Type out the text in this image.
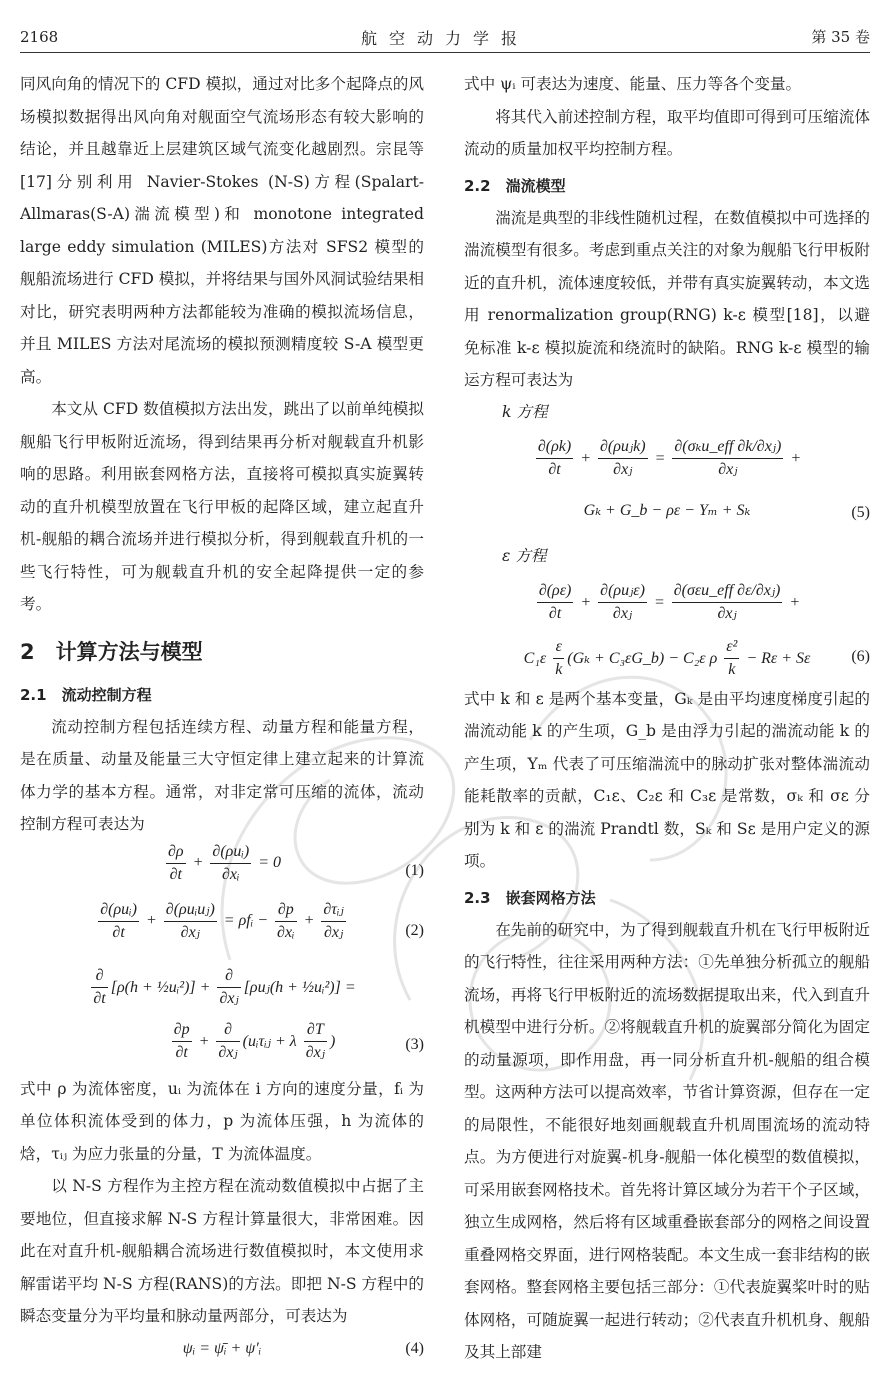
2168	航空动力学报	第 35 卷

同风向角的情况下的 CFD 模拟，通过对比多个起降点的风场模拟数据得出风向角对舰面空气流场形态有较大影响的结论，并且越靠近上层建筑区域气流变化越剧烈。宗昆等[17]分别利用 Navier-Stokes (N-S)方程(Spalart-Allmaras(S-A)湍流模型)和 monotone integrated large eddy simulation (MILES)方法对 SFS2 模型的舰船流场进行 CFD 模拟，并将结果与国外风洞试验结果相对比，研究表明两种方法都能较为准确的模拟流场信息，并且 MILES 方法对尾流场的模拟预测精度较 S-A 模型更高。

本文从 CFD 数值模拟方法出发，跳出了以前单纯模拟舰船飞行甲板附近流场，得到结果再分析对舰载直升机影响的思路。利用嵌套网格方法，直接将可模拟真实旋翼转动的直升机模型放置在飞行甲板的起降区域，建立起直升机-舰船的耦合流场并进行模拟分析，得到舰载直升机的一些飞行特性，可为舰载直升机的安全起降提供一定的参考。

2　计算方法与模型
2.1　流动控制方程

流动控制方程包括连续方程、动量方程和能量方程，是在质量、动量及能量三大守恒定律上建立起来的计算流体力学的基本方程。通常，对非定常可压缩的流体，流动控制方程可表达为

$\frac{\partial\rho}{\partial t} + \frac{\text{∂(ρuᵢ)}}{\text{∂xᵢ}} = 0$	(1)
$\frac{\text{∂(ρuᵢ)}}{\partial t} + \frac{\text{∂(ρuᵢuⱼ)}}{\text{∂xⱼ}}$ = ρfᵢ − $\frac{\partial p}{\text{∂xᵢ}} + \frac{\text{∂τᵢⱼ}}{\text{∂xⱼ}}$	(2)
$\frac{\partial}{\partial t} [\rho(h$ + ½uᵢ²)] + $\frac{\partial}{\text{∂xⱼ}}$ [ρuⱼ(h + ½uᵢ²)] =
$\frac{\partial p}{\partial t} + \frac{\partial}{\text{∂xⱼ}}$ (uᵢτᵢⱼ + λ $\frac{\partial T}{\text{∂xⱼ}}$ )	(3)

式中 ρ 为流体密度，uᵢ 为流体在 i 方向的速度分量，fᵢ 为单位体积流体受到的体力，p 为流体压强，h 为流体的焓，τᵢⱼ 为应力张量的分量，T 为流体温度。

以 N-S 方程作为主控方程在流动数值模拟中占据了主要地位，但直接求解 N-S 方程计算量很大，非常困难。因此在对直升机-舰船耦合流场进行数值模拟时，本文使用求解雷诺平均 N-S 方程(RANS)的方法。即把 N-S 方程中的瞬态变量分为平均量和脉动量两部分，可表达为

ψᵢ = ψ̄ᵢ + ψ′ᵢ	(4)

式中 ψᵢ 可表达为速度、能量、压力等各个变量。

将其代入前述控制方程，取平均值即可得到可压缩流体流动的质量加权平均控制方程。

2.2　湍流模型

湍流是典型的非线性随机过程，在数值模拟中可选择的湍流模型有很多。考虑到重点关注的对象为舰船飞行甲板附近的直升机，流体速度较低，并带有真实旋翼转动，本文选用 renormalization group(RNG) k-ε 模型[18]，以避免标准 k-ε 模拟旋流和绕流时的缺陷。RNG k-ε 模型的输运方程可表达为

k 方程
$\frac{\partial(\rho k)}{\partial t} + \frac{\text{∂(ρuⱼk)}}{\text{∂xⱼ}} = \frac{\text{∂(σₖu\_eff ∂k/∂xⱼ)}}{\text{∂xⱼ}}$ +
Gₖ + G_b − ρε − Yₘ + Sₖ	(5)
ε 方程
$\frac{\partial(\rho\varepsilon)}{\partial t} + \frac{\text{∂(ρuⱼε)}}{\text{∂xⱼ}} = \frac{\text{∂(σεu\_eff ∂ε/∂xⱼ)}}{\text{∂xⱼ}}$ +
$C_1\varepsilon \frac{\varepsilon}{k} (G_k$ + C₃εG_b) − C₂ε ρ $\frac{\text{ε²}}{k} - R\varepsilon + S\varepsilon$	(6)

式中 k 和 ε 是两个基本变量，Gₖ 是由平均速度梯度引起的湍流动能 k 的产生项，G_b 是由浮力引起的湍流动能 k 的产生项，Yₘ 代表了可压缩湍流中的脉动扩张对整体湍流动能耗散率的贡献，C₁ε、C₂ε 和 C₃ε 是常数，σₖ 和 σε 分别为 k 和 ε 的湍流 Prandtl 数，Sₖ 和 Sε 是用户定义的源项。

2.3　嵌套网格方法

在先前的研究中，为了得到舰载直升机在飞行甲板附近的飞行特性，往往采用两种方法：①先单独分析孤立的舰船流场，再将飞行甲板附近的流场数据提取出来，代入到直升机模型中进行分析。②将舰载直升机的旋翼部分简化为固定的动量源项，即作用盘，再一同分析直升机-舰船的组合模型。这两种方法可以提高效率，节省计算资源，但存在一定的局限性，不能很好地刻画舰载直升机周围流场的流动特点。为方便进行对旋翼-机身-舰船一体化模型的数值模拟，可采用嵌套网格技术。首先将计算区域分为若干个子区域，独立生成网格，然后将有区域重叠嵌套部分的网格之间设置重叠网格交界面，进行网格装配。本文生成一套非结构的嵌套网格。整套网格主要包括三部分：①代表旋翼桨叶时的贴体网格，可随旋翼一起进行转动；②代表直升机机身、舰船及其上部建
